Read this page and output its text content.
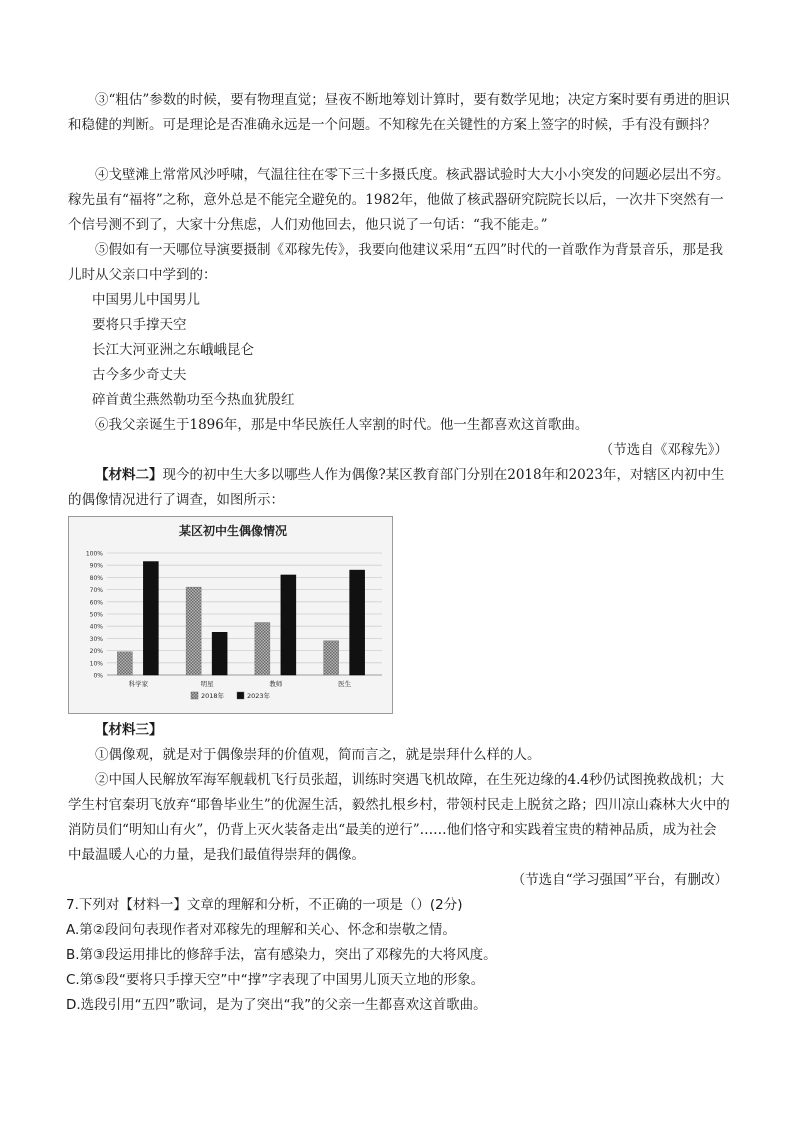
③“粗估”参数的时候，要有物理直觉；昼夜不断地筹划计算时，要有数学见地；决定方案时要有勇进的胆识和稳健的判断。可是理论是否准确永远是一个问题。不知稼先在关键性的方案上签字的时候，手有没有颤抖？

④戈壁滩上常常风沙呼啸，气温往往在零下三十多摄氏度。核武器试验时大大小小突发的问题必层出不穷。稼先虽有“福将”之称，意外总是不能完全避免的。1982年，他做了核武器研究院院长以后，一次井下突然有一个信号测不到了，大家十分焦虑，人们劝他回去，他只说了一句话：“我不能走。”

⑤假如有一天哪位导演要摄制《邓稼先传》，我要向他建议采用“五四”时代的一首歌作为背景音乐，那是我儿时从父亲口中学到的：

中国男儿中国男儿

要将只手撑天空

长江大河亚洲之东峨峨昆仑

古今多少奇丈夫

碎首黄尘燕然勒功至今热血犹殷红

⑥我父亲诞生于1896年，那是中华民族任人宰割的时代。他一生都喜欢这首歌曲。

（节选自《邓稼先》）

【材料二】现今的初中生大多以哪些人作为偶像?某区教育部门分别在2018年和2023年，对辖区内初中生的偶像情况进行了调查，如图所示：

某区初中生偶像情况
0%
10%
20%
30%
40%
50%
60%
70%
80%
90%
100%
科学家	明星	教师	医生
2018年	2023年

【材料三】

①偶像观，就是对于偶像崇拜的价值观，简而言之，就是崇拜什么样的人。

②中国人民解放军海军舰载机飞行员张超，训练时突遇飞机故障，在生死边缘的4.4秒仍试图挽救战机；大学生村官秦玥飞放弃“耶鲁毕业生”的优渥生活，毅然扎根乡村，带领村民走上脱贫之路；四川凉山森林大火中的消防员们“明知山有火”，仍背上灭火装备走出“最美的逆行”……他们恪守和实践着宝贵的精神品质，成为社会中最温暖人心的力量，是我们最值得崇拜的偶像。

（节选自“学习强国”平台，有删改）

7.下列对【材料一】文章的理解和分析，不正确的一项是（）(2分)

A.第②段问句表现作者对邓稼先的理解和关心、怀念和崇敬之情。

B.第③段运用排比的修辞手法，富有感染力，突出了邓稼先的大将风度。

C.第⑤段“要将只手撑天空”中“撑”字表现了中国男儿顶天立地的形象。

D.选段引用“五四”歌词，是为了突出“我”的父亲一生都喜欢这首歌曲。
